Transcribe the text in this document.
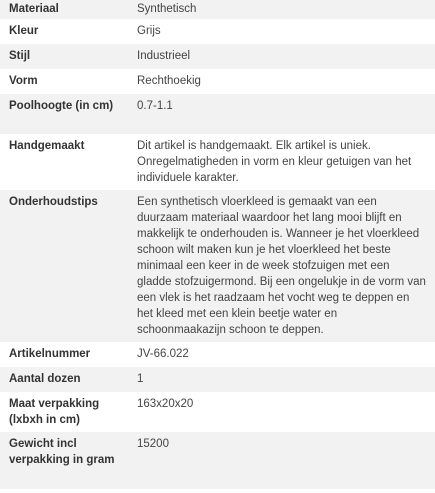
Materiaal	Synthetisch
Kleur	Grijs
Stijl	Industrieel
Vorm	Rechthoekig
Poolhoogte (in cm)	0.7-1.1
Handgemaakt	Dit artikel is handgemaakt. Elk artikel is uniek. Onregelmatigheden in vorm en kleur getuigen van het individuele karakter.
Onderhoudstips	Een synthetisch vloerkleed is gemaakt van een duurzaam materiaal waardoor het lang mooi blijft en makkelijk te onderhouden is. Wanneer je het vloerkleed schoon wilt maken kun je het vloerkleed het beste minimaal een keer in de week stofzuigen met een gladde stofzuigermond. Bij een ongelukje in de vorm van een vlek is het raadzaam het vocht weg te deppen en het kleed met een klein beetje water en schoonmaakazijn schoon te deppen.
Artikelnummer	JV-66.022
Aantal dozen	1
Maat verpakking (lxbxh in cm)	163x20x20
Gewicht incl verpakking in gram	15200
